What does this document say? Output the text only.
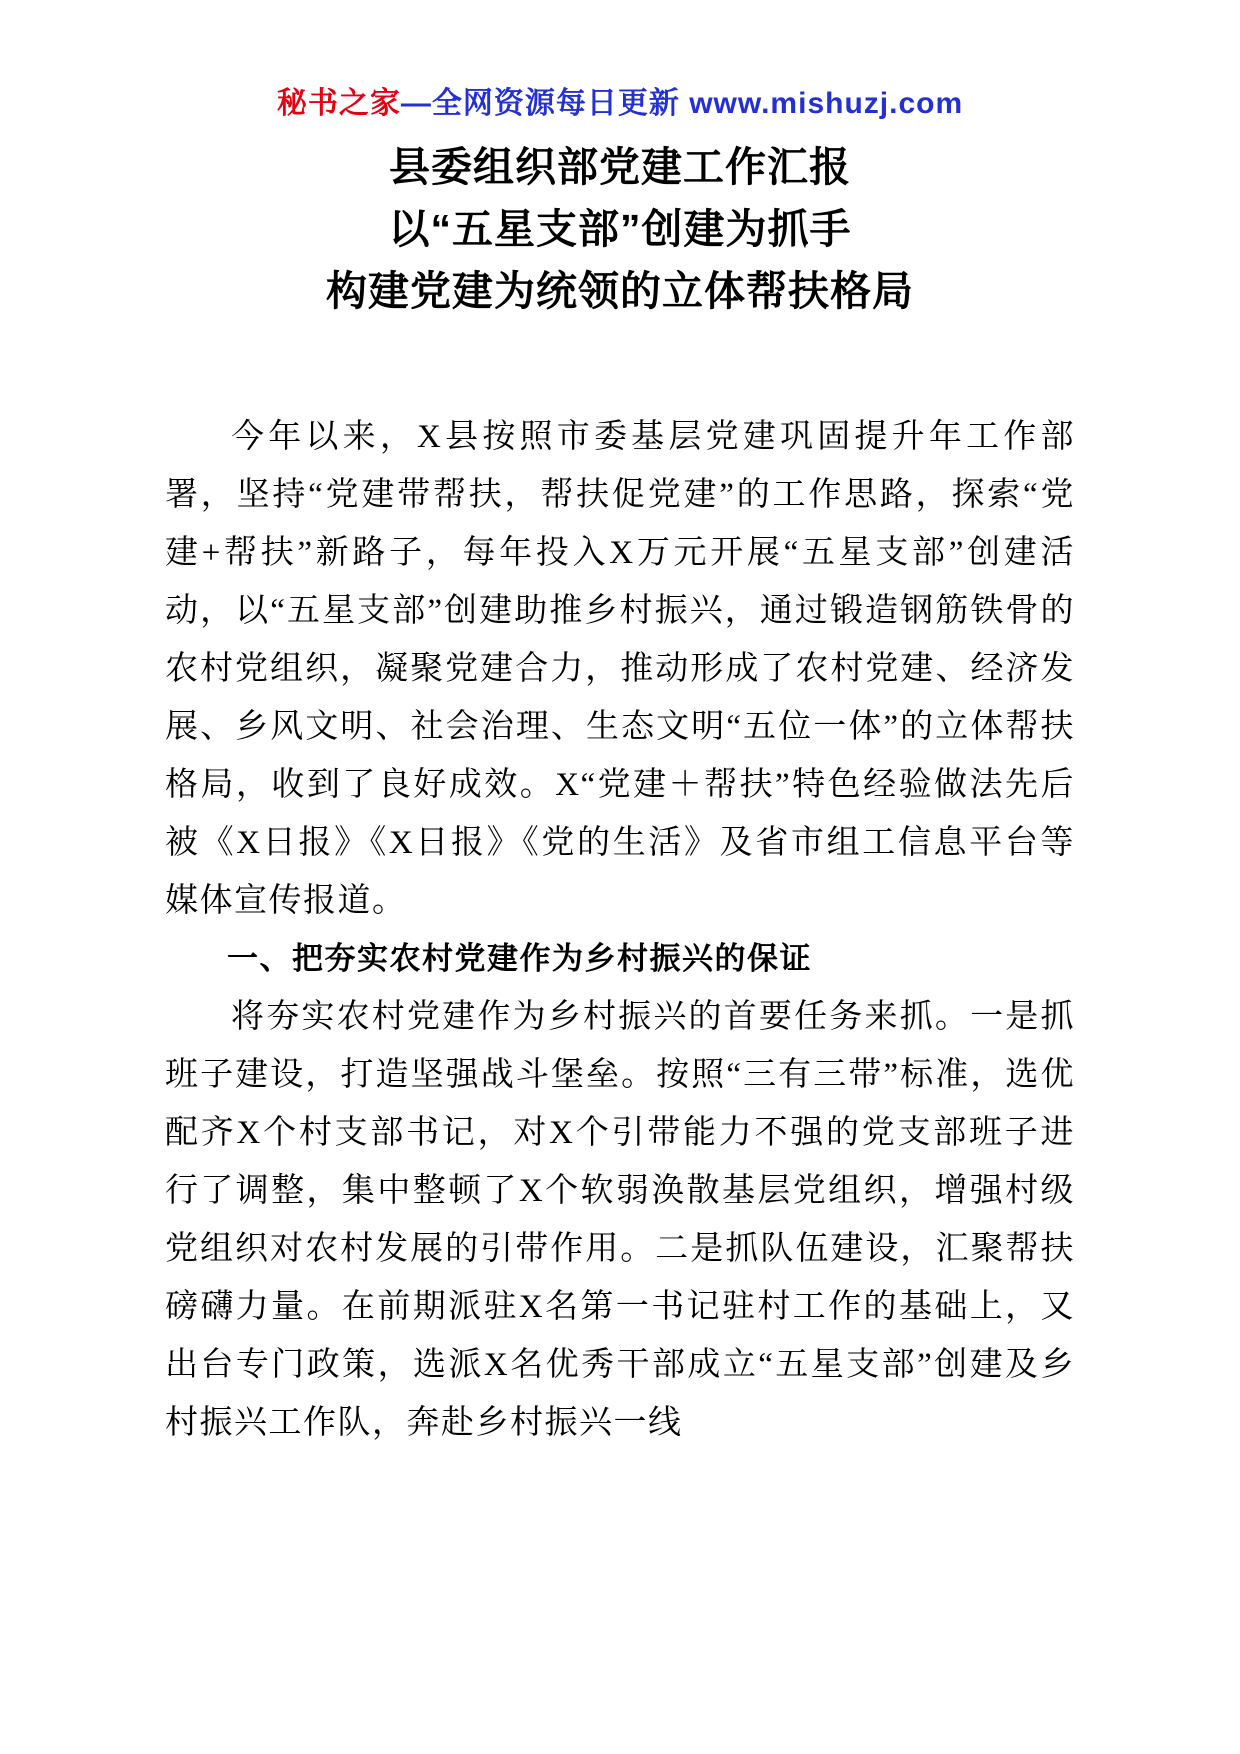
秘书之家—全网资源每日更新 www.mishuzj.com
县委组织部党建工作汇报
以“五星支部”创建为抓手
构建党建为统领的立体帮扶格局

今年以来，X县按照市委基层党建巩固提升年工作部署，坚持“党建带帮扶，帮扶促党建”的工作思路，探索“党建+帮扶”新路子，每年投入X万元开展“五星支部”创建活动，以“五星支部”创建助推乡村振兴，通过锻造钢筋铁骨的农村党组织，凝聚党建合力，推动形成了农村党建、经济发展、乡风文明、社会治理、生态文明“五位一体”的立体帮扶格局，收到了良好成效。X“党建＋帮扶”特色经验做法先后被《X日报》《X日报》《党的生活》及省市组工信息平台等媒体宣传报道。

一、把夯实农村党建作为乡村振兴的保证

将夯实农村党建作为乡村振兴的首要任务来抓。一是抓班子建设，打造坚强战斗堡垒。按照“三有三带”标准，选优配齐X个村支部书记，对X个引带能力不强的党支部班子进行了调整，集中整顿了X个软弱涣散基层党组织，增强村级党组织对农村发展的引带作用。二是抓队伍建设，汇聚帮扶磅礴力量。在前期派驻X名第一书记驻村工作的基础上，又出台专门政策，选派X名优秀干部成立“五星支部”创建及乡村振兴工作队，奔赴乡村振兴一线
